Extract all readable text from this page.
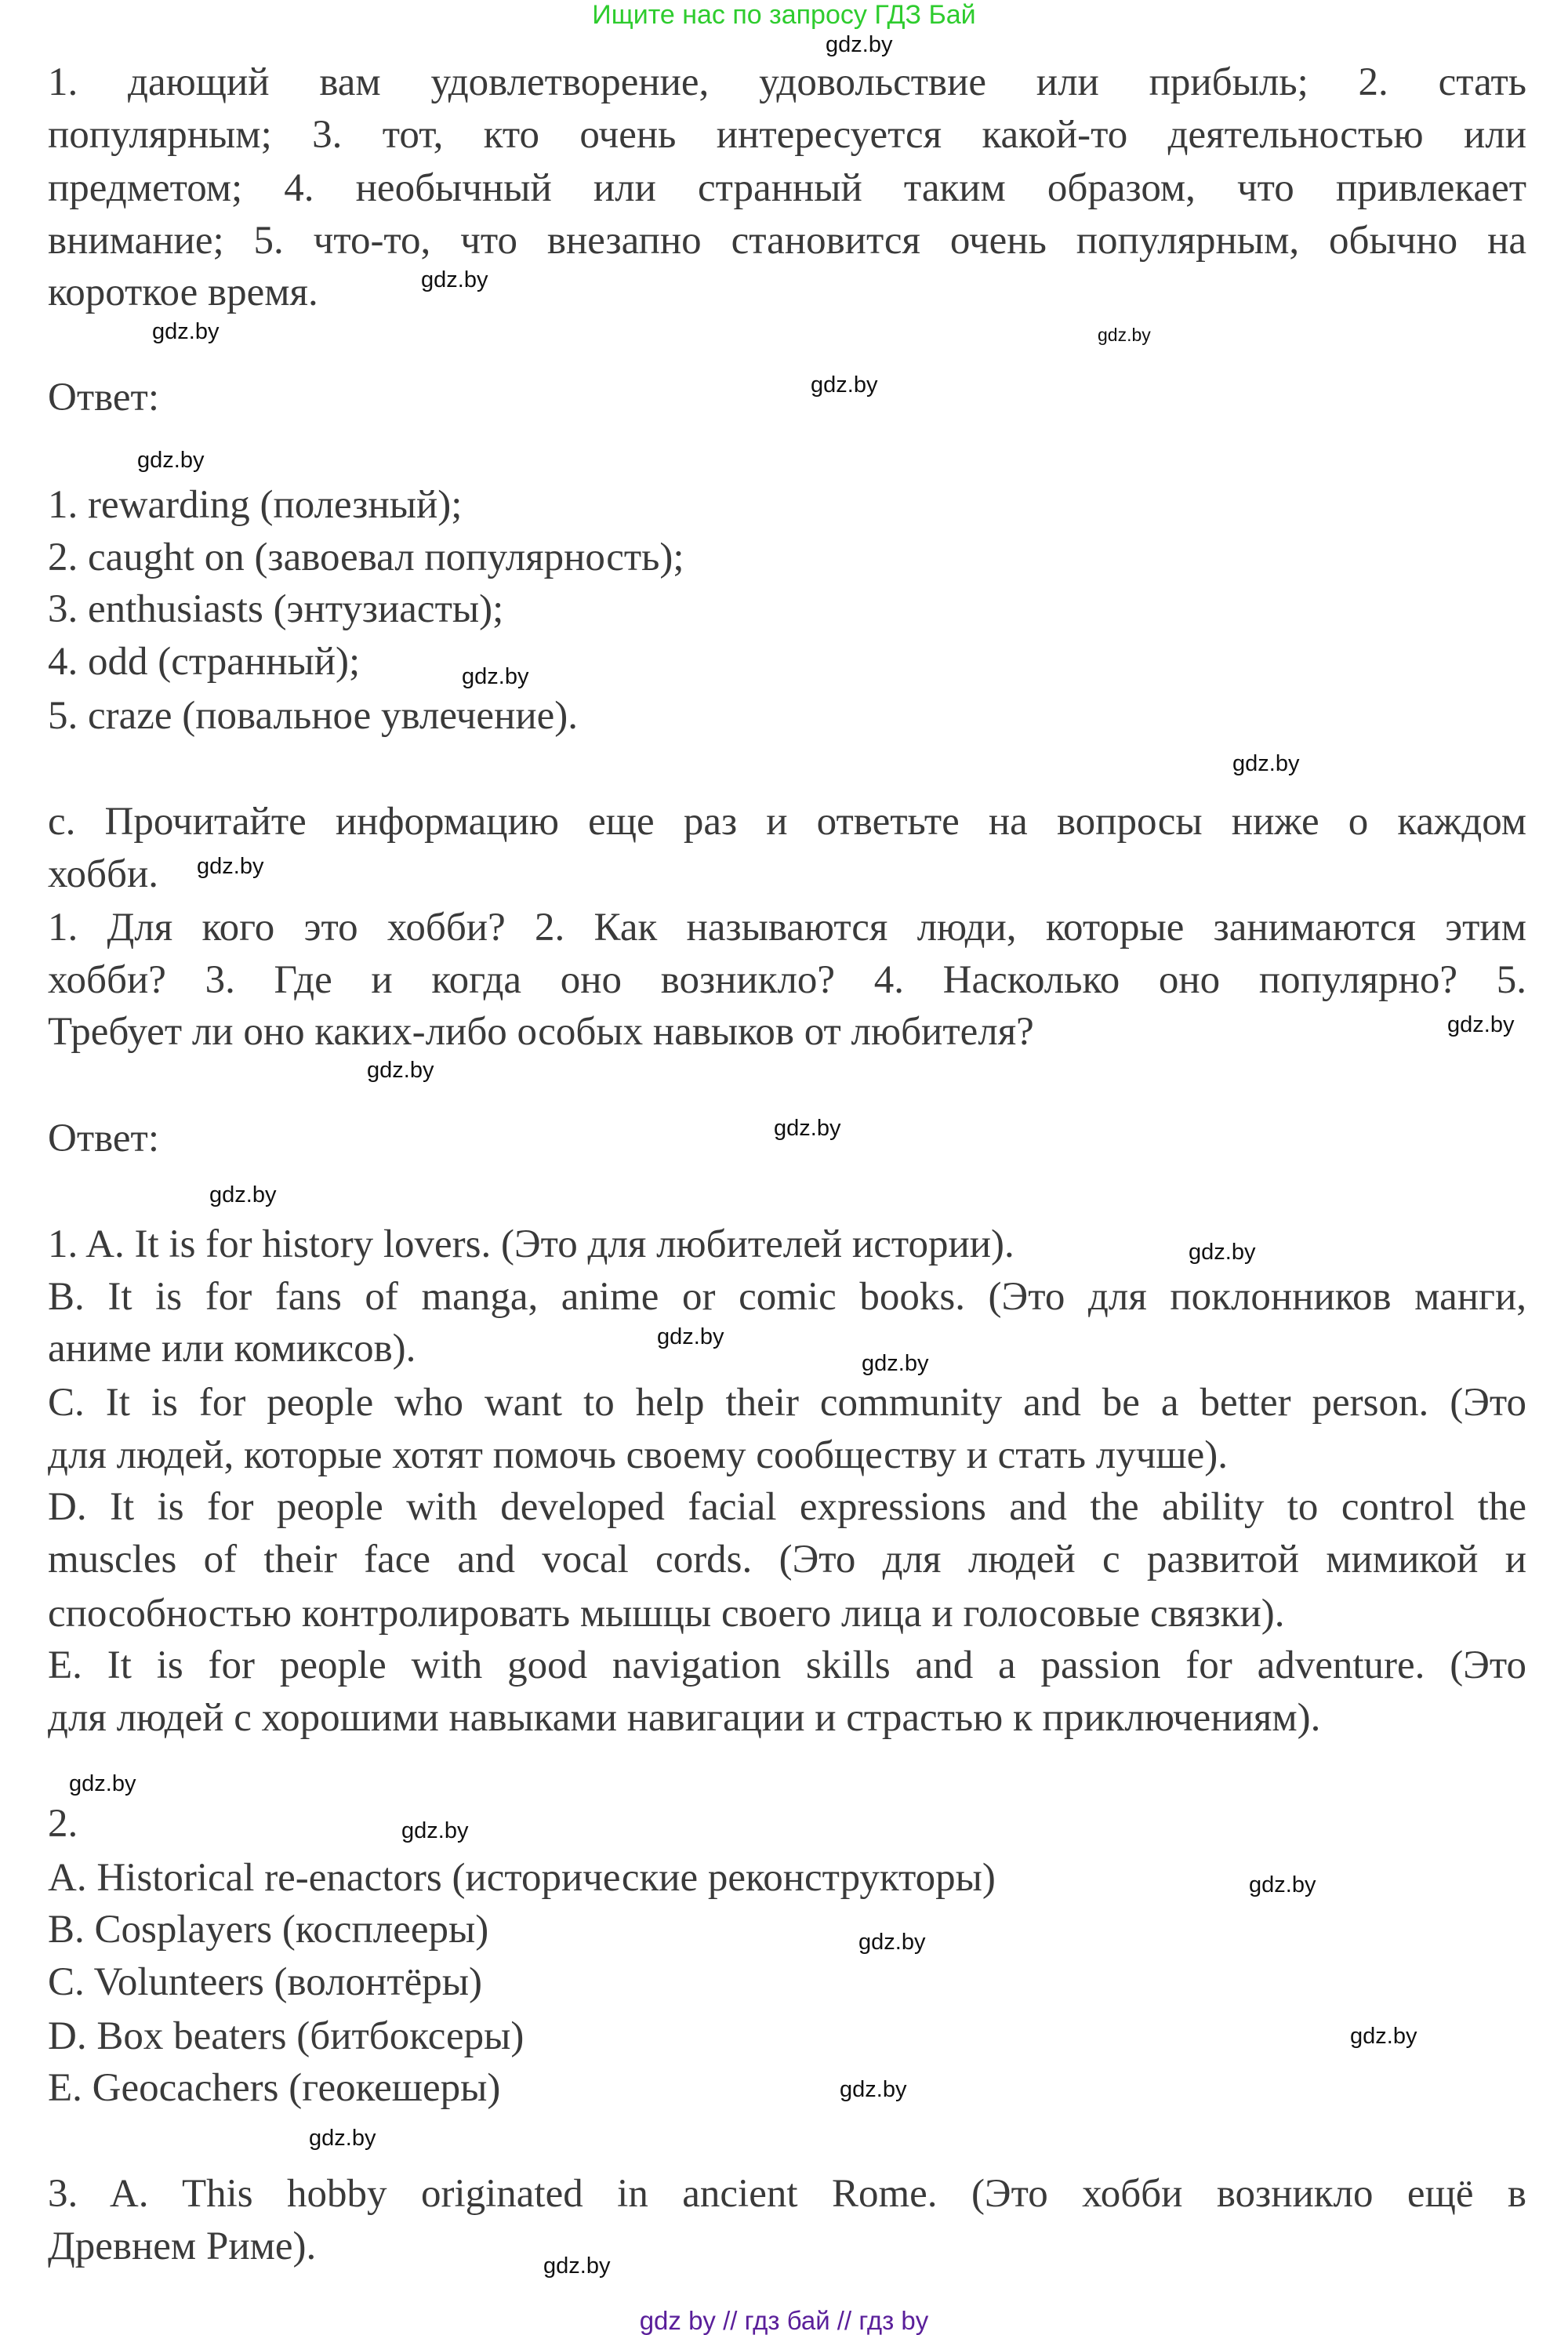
Ищите нас по запросу ГДЗ Бай
1. дающий вам удовлетворение, удовольствие или прибыль; 2. стать
популярным; 3. тот, кто очень интересуется какой-то деятельностью или
предметом; 4. необычный или странный таким образом, что привлекает
внимание; 5. что-то, что внезапно становится очень популярным, обычно на
короткое время.
Ответ:
1. rewarding (полезный);
2. caught on (завоевал популярность);
3. enthusiasts (энтузиасты);
4. odd (странный);
5. craze (повальное увлечение).
c. Прочитайте информацию еще раз и ответьте на вопросы ниже о каждом
хобби.
1. Для кого это хобби? 2. Как называются люди, которые занимаются этим
хобби? 3. Где и когда оно возникло? 4. Насколько оно популярно? 5.
Требует ли оно каких-либо особых навыков от любителя?
Ответ:
1. A. It is for history lovers. (Это для любителей истории).
B. It is for fans of manga, anime or comic books. (Это для поклонников манги,
аниме или комиксов).
C. It is for people who want to help their community and be a better person. (Это
для людей, которые хотят помочь своему сообществу и стать лучше).
D. It is for people with developed facial expressions and the ability to control the
muscles of their face and vocal cords. (Это для людей с развитой мимикой и
способностью контролировать мышцы своего лица и голосовые связки).
E. It is for people with good navigation skills and a passion for adventure. (Это
для людей с хорошими навыками навигации и страстью к приключениям).
2.
A. Historical re-enactors (исторические реконструкторы)
B. Cosplayers (косплееры)
C. Volunteers (волонтёры)
D. Box beaters (битбоксеры)
E. Geocachers (геокешеры)
3. A. This hobby originated in ancient Rome. (Это хобби возникло ещё в
Древнем Риме).
gdz.by
gdz.by
gdz.by
gdz.by
gdz.by
gdz.by
gdz.by
gdz.by
gdz.by
gdz.by
gdz.by
gdz.by
gdz.by
gdz.by
gdz.by
gdz.by
gdz.by
gdz.by
gdz.by
gdz.by
gdz.by
gdz.by
gdz.by
gdz.by
gdz by // гдз бай // гдз by
